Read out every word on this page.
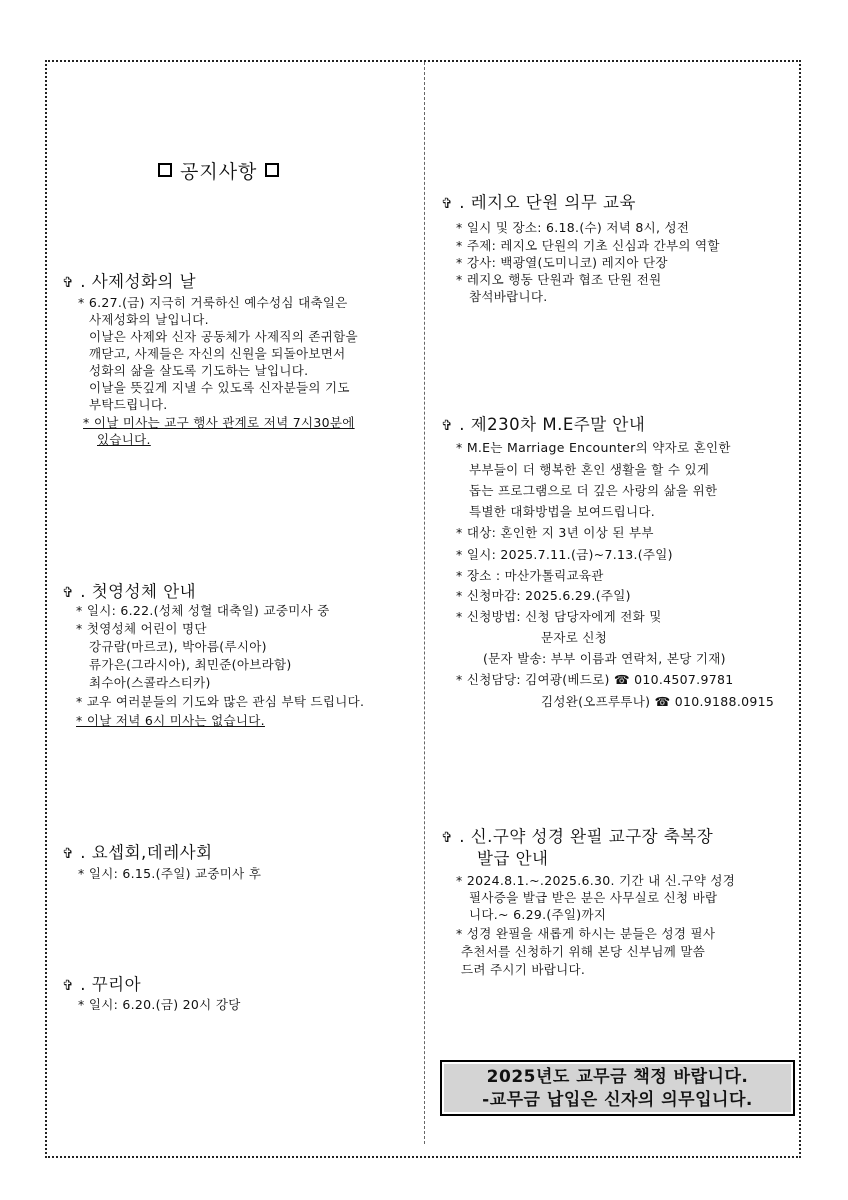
공지사항
✞ . 사제성화의 날
* 6.27.(금) 지극히 거룩하신 예수성심 대축일은
사제성화의 날입니다.
이날은 사제와 신자 공동체가 사제직의 존귀함을
깨닫고, 사제들은 자신의 신원을 되돌아보면서
성화의 삶을 살도록 기도하는 날입니다.
이날을 뜻깊게 지낼 수 있도록 신자분들의 기도
부탁드립니다.
* 이날 미사는 교구 행사 관계로 저녁 7시30분에
있습니다.
✞ . 첫영성체 안내
* 일시: 6.22.(성체 성혈 대축일) 교중미사 중
* 첫영성체 어린이 명단
강규람(마르코), 박아름(루시아)
류가은(그라시아), 최민준(아브라함)
최수아(스콜라스티카)
* 교우 여러분들의 기도와 많은 관심 부탁 드립니다.
* 이날 저녁 6시 미사는 없습니다.
✞ . 요셉회,데레사회
* 일시: 6.15.(주일) 교중미사 후
✞ . 꾸리아
* 일시: 6.20.(금) 20시 강당
✞ . 레지오 단원 의무 교육
* 일시 및 장소: 6.18.(수) 저녁 8시, 성전
* 주제: 레지오 단원의 기초 신심과 간부의 역할
* 강사: 백광열(도미니코) 레지아 단장
* 레지오 행동 단원과 협조 단원 전원
참석바랍니다.
✞ . 제230차 M.E주말 안내
* M.E는 Marriage Encounter의 약자로 혼인한
부부들이 더 행복한 혼인 생활을 할 수 있게
돕는 프로그램으로 더 깊은 사랑의 삶을 위한
특별한 대화방법을 보여드립니다.
* 대상: 혼인한 지 3년 이상 된 부부
* 일시: 2025.7.11.(금)~7.13.(주일)
* 장소 : 마산가톨릭교육관
* 신청마감: 2025.6.29.(주일)
* 신청방법: 신청 담당자에게 전화 및
문자로 신청
(문자 발송: 부부 이름과 연락처, 본당 기재)
* 신청담당: 김여광(베드로) ☎ 010.4507.9781
김성완(오프루투나) ☎ 010.9188.0915
✞ . 신.구약 성경 완필 교구장 축복장
발급 안내
* 2024.8.1.~.2025.6.30. 기간 내 신.구약 성경
필사증을 발급 받은 분은 사무실로 신청 바랍
니다.~ 6.29.(주일)까지
* 성경 완필을 새롭게 하시는 분들은 성경 필사
추천서를 신청하기 위해 본당 신부님께 말씀
드려 주시기 바랍니다.
2025년도 교무금 책정 바랍니다.
-교무금 납입은 신자의 의무입니다.
